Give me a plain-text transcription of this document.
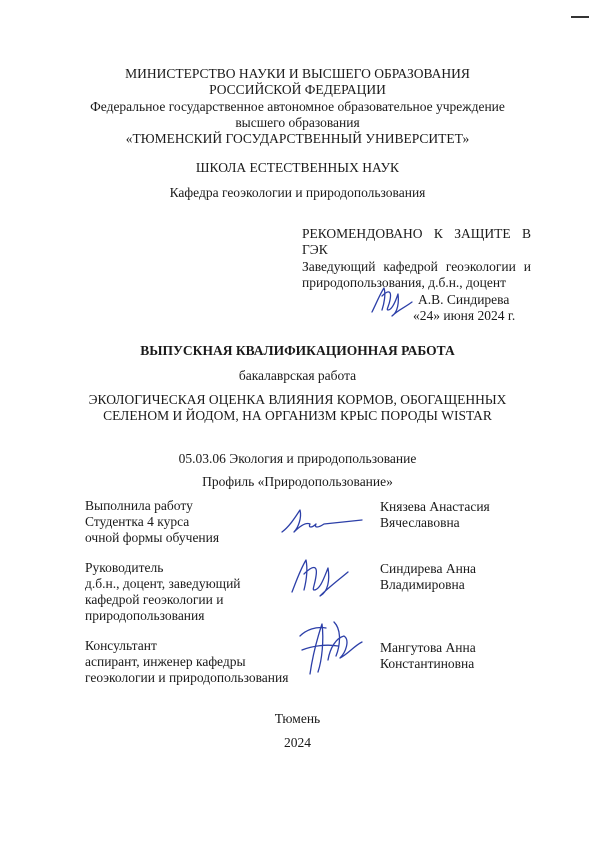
МИНИСТЕРСТВО НАУКИ И ВЫСШЕГО ОБРАЗОВАНИЯ
РОССИЙСКОЙ ФЕДЕРАЦИИ
Федеральное государственное автономное образовательное учреждение
высшего образования
«ТЮМЕНСКИЙ ГОСУДАРСТВЕННЫЙ УНИВЕРСИТЕТ»
ШКОЛА ЕСТЕСТВЕННЫХ НАУК
Кафедра геоэкологии и природопользования
РЕКОМЕНДОВАНО К ЗАЩИТЕ В
ГЭК
Заведующий кафедрой геоэкологии и
природопользования, д.б.н., доцент
А.В. Синдирева
«24» июня 2024 г.
ВЫПУСКНАЯ КВАЛИФИКАЦИОННАЯ РАБОТА
бакалаврская работа
ЭКОЛОГИЧЕСКАЯ ОЦЕНКА ВЛИЯНИЯ КОРМОВ, ОБОГАЩЕННЫХ
СЕЛЕНОМ И ЙОДОМ, НА ОРГАНИЗМ КРЫС ПОРОДЫ WISTAR
05.03.06 Экология и природопользование
Профиль «Природопользование»
Выполнила работу
Студентка 4 курса
очной формы обучения
Князева Анастасия
Вячеславовна
Руководитель
д.б.н., доцент, заведующий
кафедрой геоэкологии и
природопользования
Синдирева Анна
Владимировна
Консультант
аспирант, инженер кафедры
геоэкологии и природопользования
Мангутова Анна
Константиновна
Тюмень
2024
